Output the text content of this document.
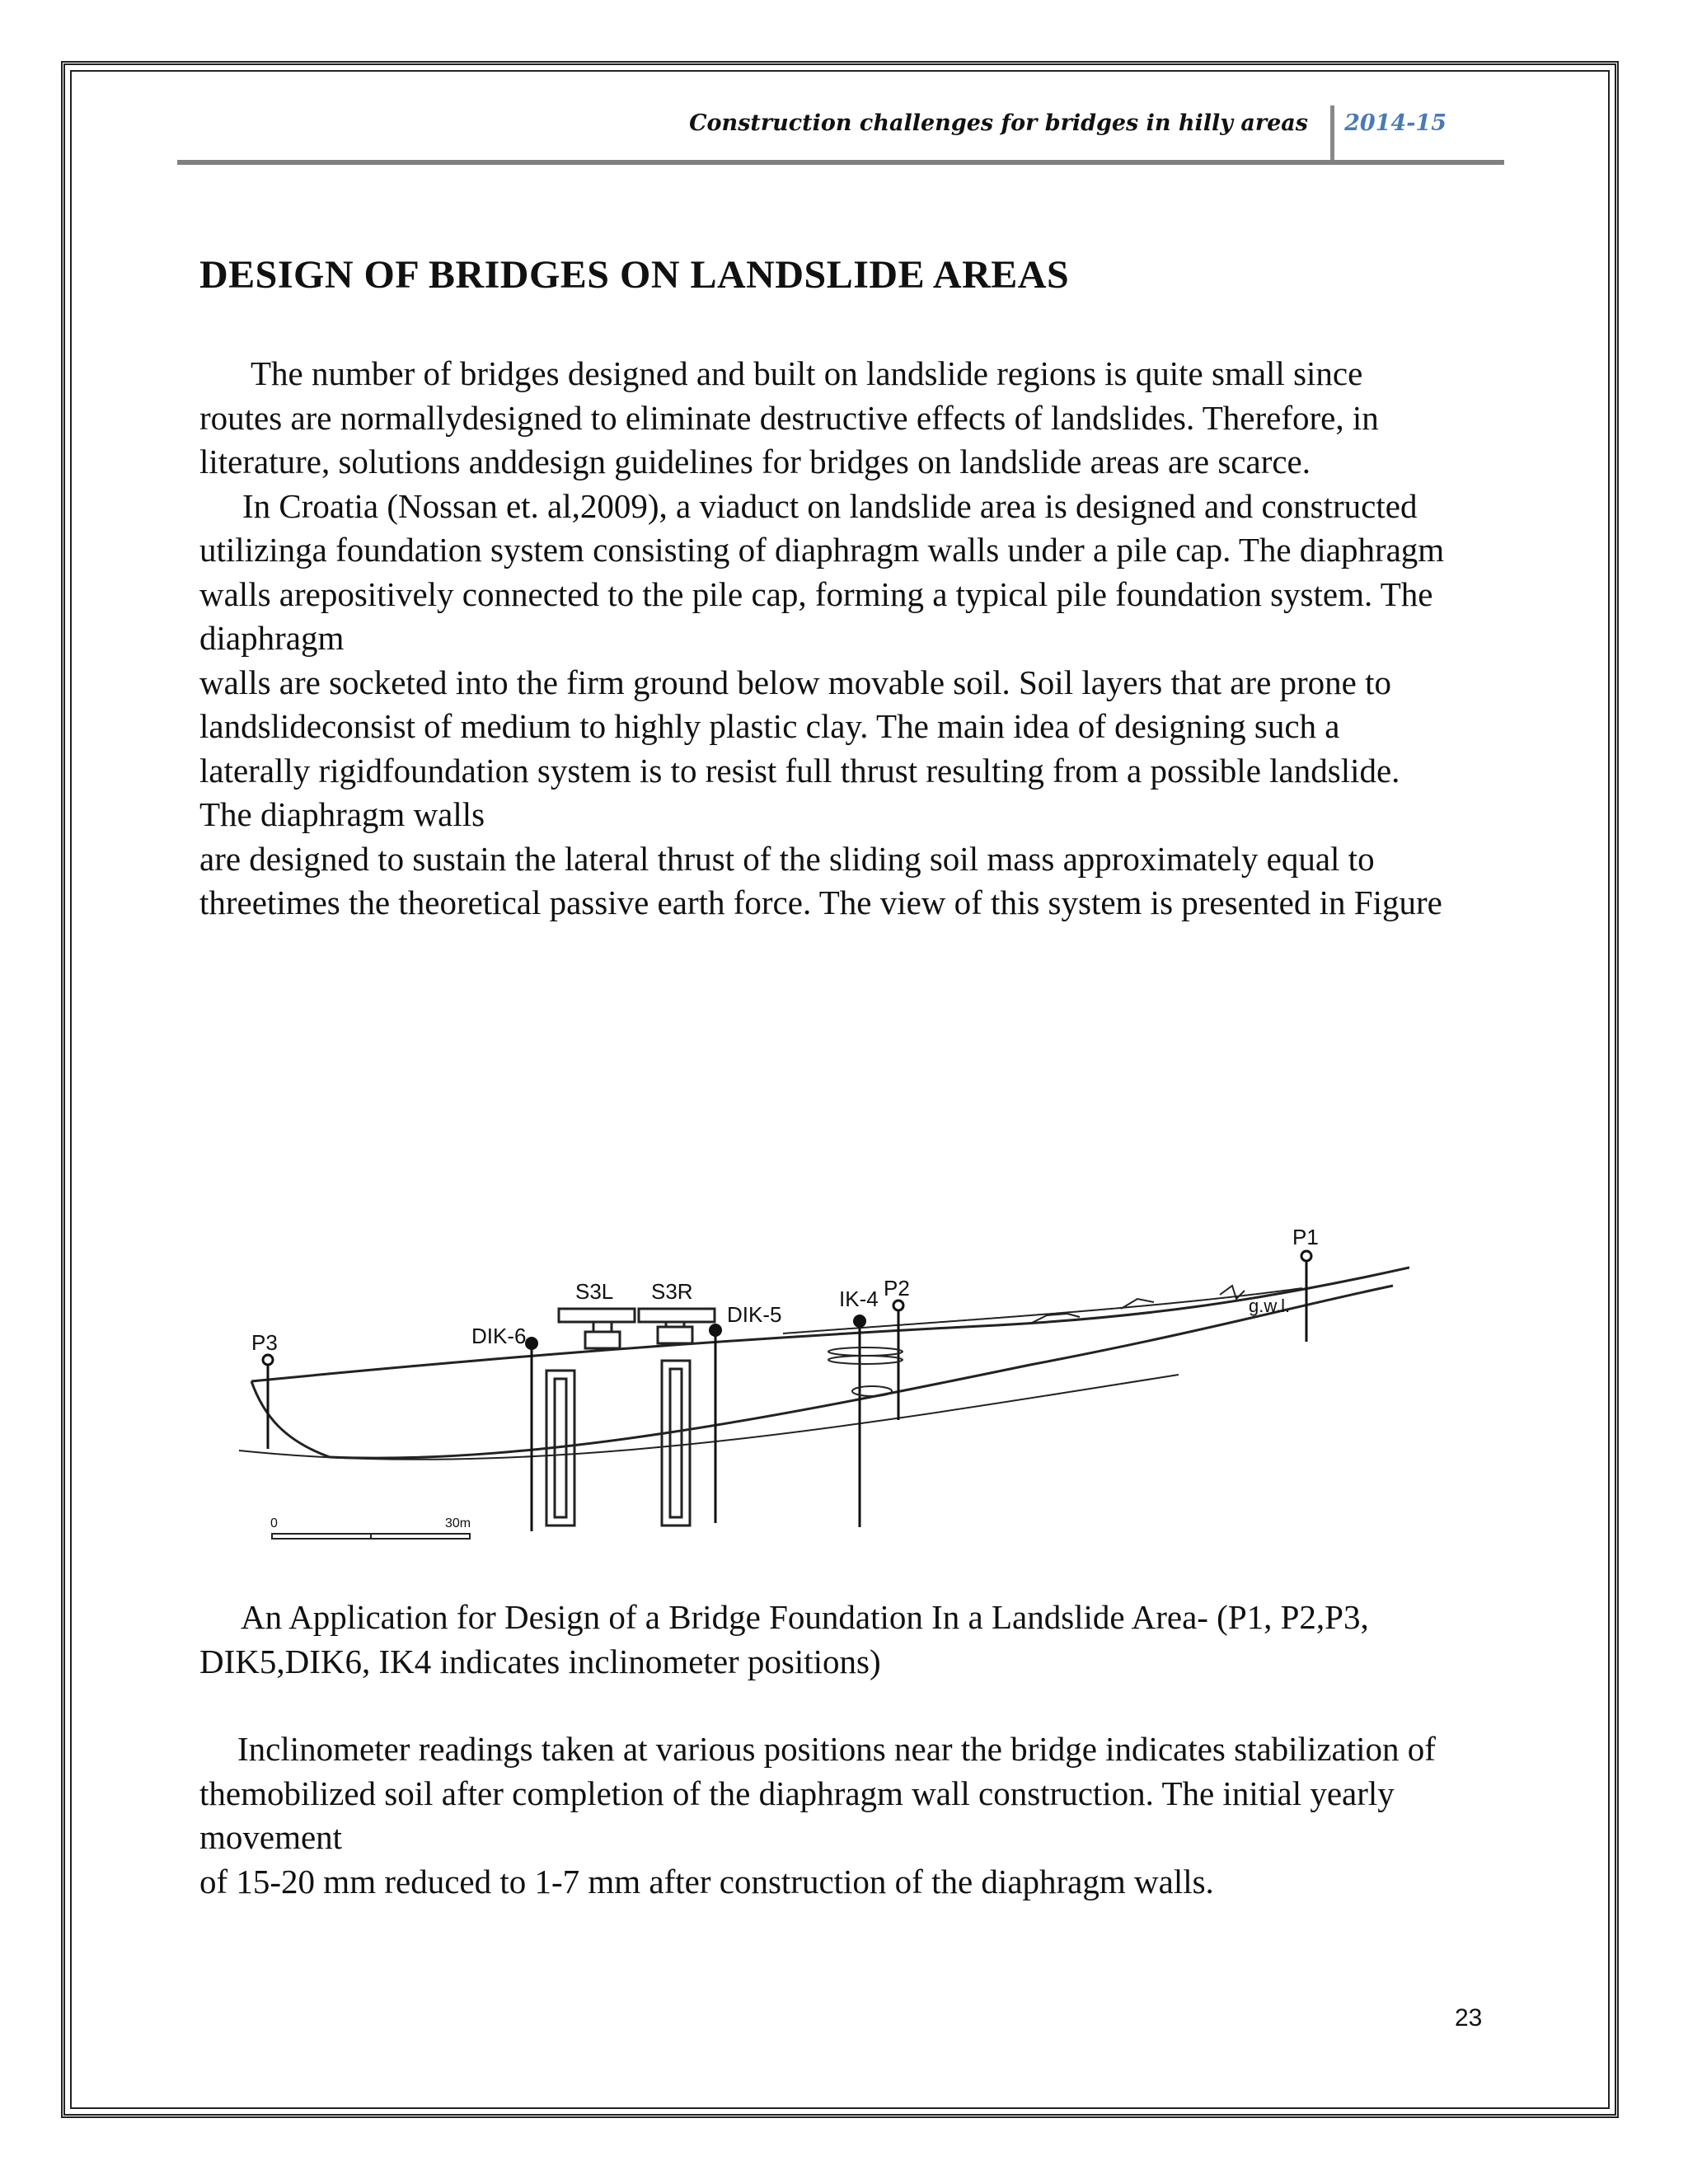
Construction challenges for bridges in hilly areas 2014-15
DESIGN OF BRIDGES ON LANDSLIDE AREAS

The number of bridges designed and built on landslide regions is quite small since routes are normallydesigned to eliminate destructive effects of landslides. Therefore, in literature, solutions anddesign guidelines for bridges on landslide areas are scarce.

In Croatia (Nossan et. al,2009), a viaduct on landslide area is designed and constructed utilizinga foundation system consisting of diaphragm walls under a pile cap. The diaphragm walls arepositively connected to the pile cap, forming a typical pile foundation system. The diaphragm

walls are socketed into the firm ground below movable soil. Soil layers that are prone to landslideconsist of medium to highly plastic clay. The main idea of designing such a laterally rigidfoundation system is to resist full thrust resulting from a possible landslide. The diaphragm walls

are designed to sustain the lateral thrust of the sliding soil mass approximately equal to threetimes the theoretical passive earth force. The view of this system is presented in Figure

P3	DIK-6
S3L S3R
DIK-5
IK-4 P2
P1
g.w.l.
0	30m

An Application for Design of a Bridge Foundation In a Landslide Area- (P1, P2,P3, DIK5,DIK6, IK4 indicates inclinometer positions)

Inclinometer readings taken at various positions near the bridge indicates stabilization of themobilized soil after completion of the diaphragm wall construction. The initial yearly movement

of 15-20 mm reduced to 1-7 mm after construction of the diaphragm walls.

23
